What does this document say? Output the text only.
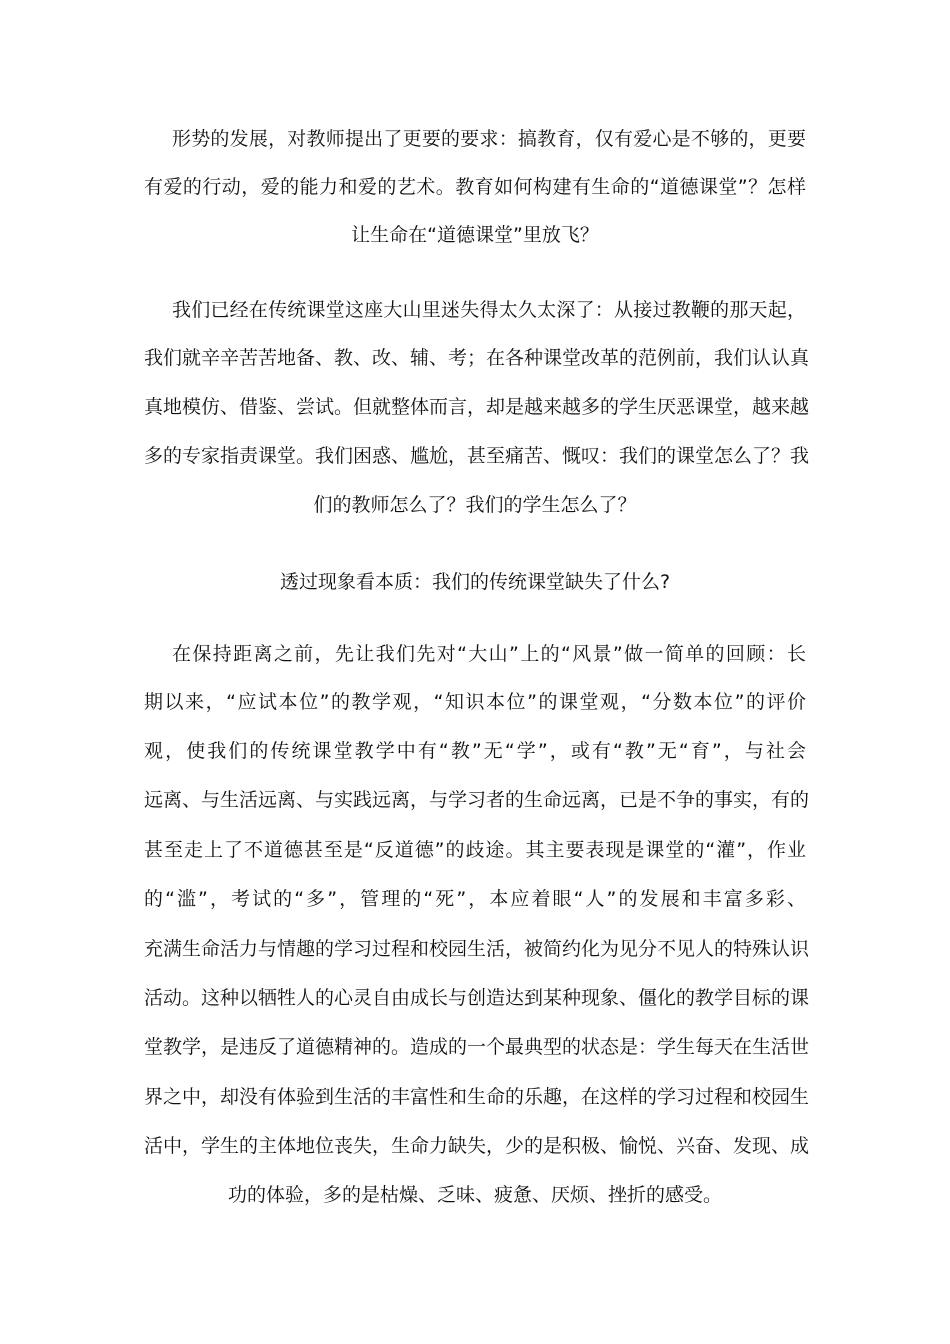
形势的发展，对教师提出了更要的要求：搞教育，仅有爱心是不够的，更要
有爱的行动，爱的能力和爱的艺术。教育如何构建有生命的“道德课堂”？怎样
让生命在“道德课堂”里放飞？
我们已经在传统课堂这座大山里迷失得太久太深了：从接过教鞭的那天起，
我们就辛辛苦苦地备、教、改、辅、考；在各种课堂改革的范例前，我们认认真
真地模仿、借鉴、尝试。但就整体而言，却是越来越多的学生厌恶课堂，越来越
多的专家指责课堂。我们困惑、尴尬，甚至痛苦、慨叹：我们的课堂怎么了？我
们的教师怎么了？我们的学生怎么了？
透过现象看本质：我们的传统课堂缺失了什么?
在保持距离之前，先让我们先对“大山”上的“风景”做一简单的回顾：长
期以来，“应试本位”的教学观，“知识本位”的课堂观，“分数本位”的评价
观，使我们的传统课堂教学中有“教”无“学”，或有“教”无“育”，与社会
远离、与生活远离、与实践远离，与学习者的生命远离，已是不争的事实，有的
甚至走上了不道德甚至是“反道德”的歧途。其主要表现是课堂的“灌”，作业
的“滥”，考试的“多”，管理的“死”，本应着眼“人”的发展和丰富多彩、
充满生命活力与情趣的学习过程和校园生活，被简约化为见分不见人的特殊认识
活动。这种以牺牲人的心灵自由成长与创造达到某种现象、僵化的教学目标的课
堂教学，是违反了道德精神的。造成的一个最典型的状态是：学生每天在生活世
界之中，却没有体验到生活的丰富性和生命的乐趣，在这样的学习过程和校园生
活中，学生的主体地位丧失，生命力缺失，少的是积极、愉悦、兴奋、发现、成
功的体验，多的是枯燥、乏味、疲惫、厌烦、挫折的感受。
